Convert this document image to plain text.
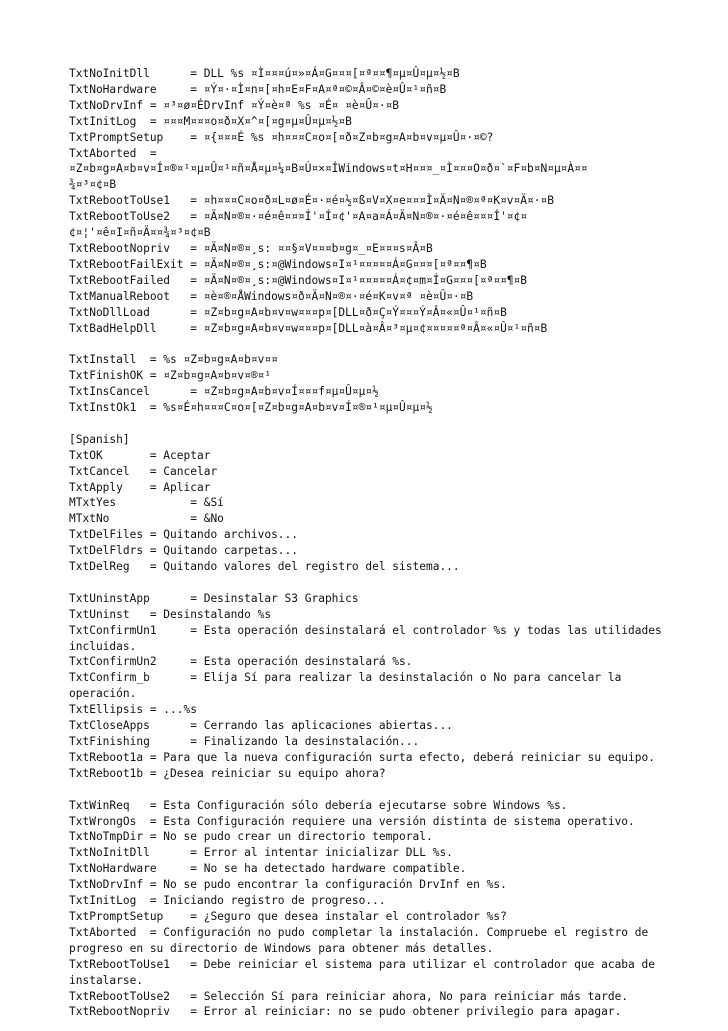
TxtNoInitDll      = DLL %s ¤Ì¤¤¤ú¤»¤Á¤G¤¤¤[¤ª¤¤¶¤µ¤Û¤µ¤½¤B
TxtNoHardware     = ¤Ý¤·¤Ì¤n¤[¤h¤E¤F¤A¤ª¤©¤Â¤©¤è¤Û¤¹¤ñ¤B
TxtNoDrvInf = ¤³¤ø¤ÉDrvInf ¤Ý¤è¤ª %s ¤É¤ ¤è¤Û¤·¤B
TxtInitLog  = ¤¤¤M¤¤¤o¤ð¤X¤^¤[¤g¤µ¤Û¤µ¤½¤B
TxtPromptSetup    = ¤{¤¤¤É %s ¤h¤¤¤C¤o¤[¤ð¤Z¤b¤g¤A¤b¤v¤µ¤Û¤·¤©?
TxtAborted  =
¤Z¤b¤g¤A¤b¤v¤Í¤®¤¹¤µ¤Û¤¹¤ñ¤Å¤µ¤¼¤B¤Ú¤×¤ÍWindows¤t¤H¤¤¤_¤Ì¤¤¤O¤ð¤`¤F¤b¤N¤µ¤À¤¤
¾¤³¤¢¤B
TxtRebootToUse1   = ¤h¤¤¤C¤o¤ð¤L¤ø¤É¤·¤é¤½¤ß¤V¤X¤e¤¤¤Ì¤Ä¤N¤®¤ª¤K¤v¤Ä¤·¤B
TxtRebootToUse2   = ¤Ä¤N¤®¤·¤é¤ê¤¤¤Í'¤Í¤¢'¤A¤a¤Á¤Ä¤N¤®¤·¤é¤ê¤¤¤Í'¤¢¤
¢¤¦'¤ê¤I¤ñ¤Ä¤¤¾¤³¤¢¤B
TxtRebootNopriv   = ¤Ä¤N¤®¤¸s: ¤¤§¤V¤¤¤b¤g¤_¤E¤¤¤s¤Â¤B
TxtRebootFailExit = ¤Ä¤N¤®¤¸s:¤@Windows¤I¤¹¤¤¤¤¤Á¤G¤¤¤[¤ª¤¤¶¤B
TxtRebootFailed   = ¤Ä¤N¤®¤¸s:¤@Windows¤I¤¹¤¤¤¤¤Á¤¢¤m¤Í¤G¤¤¤[¤ª¤¤¶¤B
TxtManualReboot   = ¤è¤®¤ÅWindows¤ð¤Ä¤N¤®¤·¤é¤K¤v¤ª ¤è¤Û¤·¤B
TxtNoDllLoad      = ¤Z¤b¤g¤A¤b¤v¤w¤¤¤p¤[DLL¤ð¤Ç¤Ý¤¤¤Ý¤Â¤«¤Û¤¹¤ñ¤B
TxtBadHelpDll     = ¤Z¤b¤g¤A¤b¤v¤w¤¤¤p¤[DLL¤à¤Â¤³¤µ¤¢¤¤¤¤¤ª¤Â¤«¤Û¤¹¤ñ¤B
TxtInstall  = %s ¤Z¤b¤g¤A¤b¤v¤¤
TxtFinishOK = ¤Z¤b¤g¤A¤b¤v¤®¤¹
TxtInsCancel      = ¤Z¤b¤g¤A¤b¤v¤Í¤¤¤f¤µ¤Û¤µ¤½
TxtInstOk1  = %s¤É¤h¤¤¤C¤o¤[¤Z¤b¤g¤A¤b¤v¤Í¤®¤¹¤µ¤Û¤µ¤½
[Spanish]
TxtOK       = Aceptar
TxtCancel   = Cancelar
TxtApply    = Aplicar
MTxtYes           = &Sí
MTxtNo            = &No
TxtDelFiles = Quitando archivos...
TxtDelFldrs = Quitando carpetas...
TxtDelReg   = Quitando valores del registro del sistema...
TxtUninstApp      = Desinstalar S3 Graphics
TxtUninst   = Desinstalando %s
TxtConfirmUn1     = Esta operación desinstalará el controlador %s y todas las utilidades incluidas.
TxtConfirmUn2     = Esta operación desinstalará %s.
TxtConfirm_b      = Elija Sí para realizar la desinstalación o No para cancelar la operación.
TxtEllipsis = ...%s
TxtCloseApps      = Cerrando las aplicaciones abiertas...
TxtFinishing      = Finalizando la desinstalación...
TxtReboot1a = Para que la nueva configuración surta efecto, deberá reiniciar su equipo.
TxtReboot1b = ¿Desea reiniciar su equipo ahora?
TxtWinReq   = Esta Configuración sólo debería ejecutarse sobre Windows %s.
TxtWrongOs  = Esta Configuración requiere una versión distinta de sistema operativo.
TxtNoTmpDir = No se pudo crear un directorio temporal.
TxtNoInitDll      = Error al intentar inicializar DLL %s.
TxtNoHardware     = No se ha detectado hardware compatible.
TxtNoDrvInf = No se pudo encontrar la configuración DrvInf en %s.
TxtInitLog  = Iniciando registro de progreso...
TxtPromptSetup    = ¿Seguro que desea instalar el controlador %s?
TxtAborted  = Configuración no pudo completar la instalación. Compruebe el registro de progreso en su directorio de Windows para obtener más detalles.
TxtRebootToUse1   = Debe reiniciar el sistema para utilizar el controlador que acaba de instalarse.
TxtRebootToUse2   = Selección Sí para reiniciar ahora, No para reiniciar más tarde.
TxtRebootNopriv   = Error al reiniciar: no se pudo obtener privilegio para apagar.
